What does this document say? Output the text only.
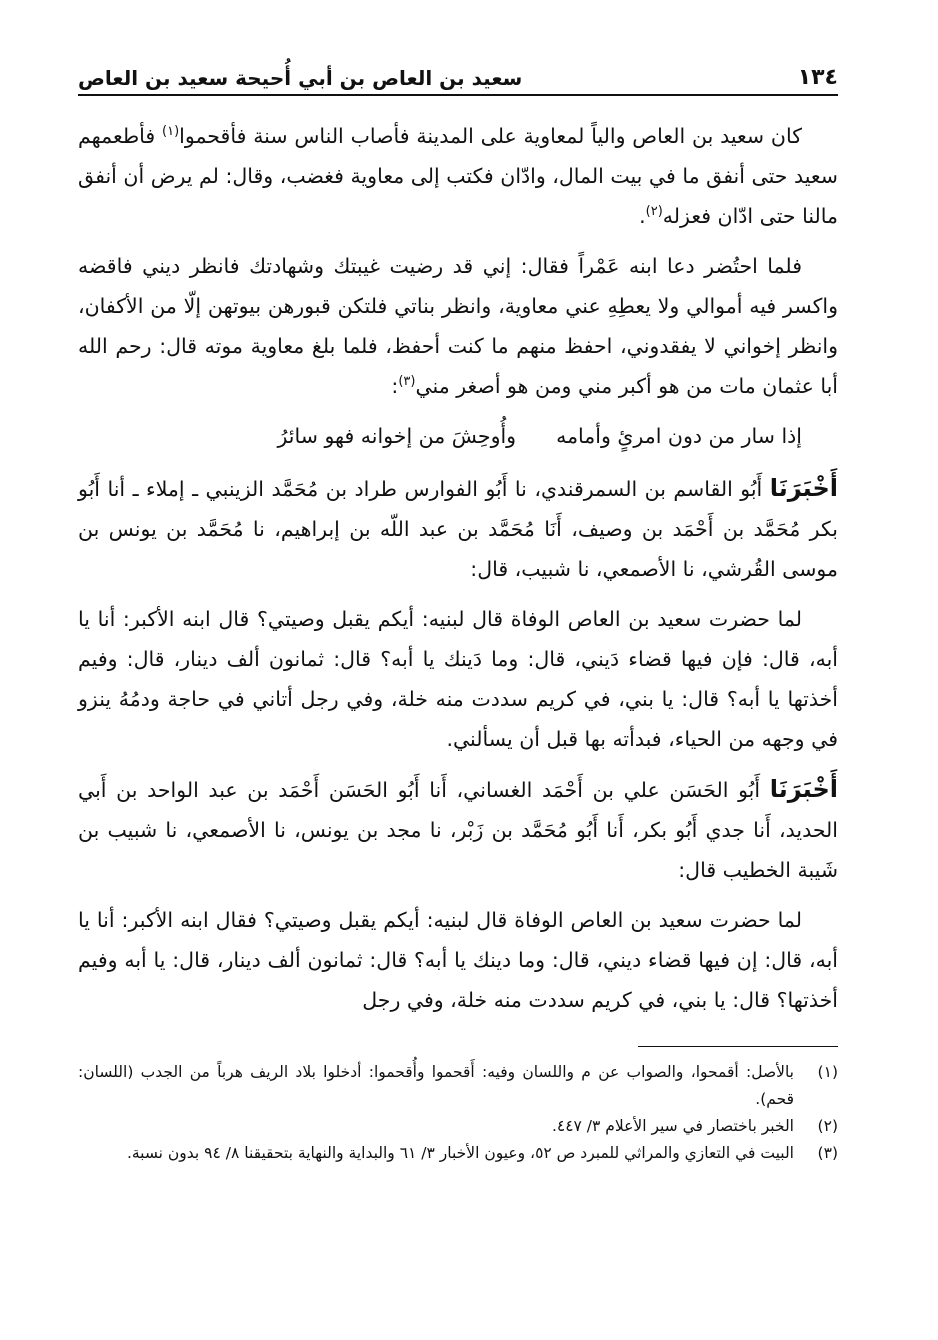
١٣٤
سعيد بن العاص بن أبي أُحيحة سعيد بن العاص

كان سعيد بن العاص والياً لمعاوية على المدينة فأصاب الناس سنة فأقحموا$^{(١)}$ فأطعمهم سعيد حتى أنفق ما في بيت المال، وادّان فكتب إلى معاوية فغضب، وقال: لم يرض أن أنفق مالنا حتى ادّان فعزله$^{(٢)}$.

فلما احتُضر دعا ابنه عَمْراً فقال: إني قد رضيت غيبتك وشهادتك فانظر ديني فاقضه واكسر فيه أموالي ولا يعطِهِ عني معاوية، وانظر بناتي فلتكن قبورهن بيوتهن إلّا من الأكفان، وانظر إخواني لا يفقدوني، احفظ منهم ما كنت أحفظ، فلما بلغ معاوية موته قال: رحم الله أبا عثمان مات من هو أكبر مني ومن هو أصغر مني$^{(٣)}$:

إذا سار من دون امرئٍ وأمامه
وأُوحِشَ من إخوانه فهو سائرُ

أَخْبَرَنَا أَبُو القاسم بن السمرقندي، نا أَبُو الفوارس طراد بن مُحَمَّد الزينبي ـ إملاء ـ أنا أَبُو بكر مُحَمَّد بن أَحْمَد بن وصيف، أَنَا مُحَمَّد بن عبد اللّه بن إبراهيم، نا مُحَمَّد بن يونس بن موسى القُرشي، نا الأصمعي، نا شبيب، قال:

لما حضرت سعيد بن العاص الوفاة قال لبنيه: أيكم يقبل وصيتي؟ قال ابنه الأكبر: أنا يا أبه، قال: فإن فيها قضاء دَيني، قال: وما دَينك يا أبه؟ قال: ثمانون ألف دينار، قال: وفيم أخذتها يا أبه؟ قال: يا بني، في كريم سددت منه خلة، وفي رجل أتاني في حاجة ودمُهُ ينزو في وجهه من الحياء، فبدأته بها قبل أن يسألني.

أَخْبَرَنَا أَبُو الحَسَن علي بن أَحْمَد الغساني، أَنا أَبُو الحَسَن أَحْمَد بن عبد الواحد بن أَبي الحديد، أَنا جدي أَبُو بكر، أَنا أَبُو مُحَمَّد بن زَبْر، نا مجد بن يونس، نا الأصمعي، نا شبيب بن شَيبة الخطيب قال:

لما حضرت سعيد بن العاص الوفاة قال لبنيه: أيكم يقبل وصيتي؟ فقال ابنه الأكبر: أنا يا أبه، قال: إن فيها قضاء ديني، قال: وما دينك يا أبه؟ قال: ثمانون ألف دينار، قال: يا أبه وفيم أخذتها؟ قال: يا بني، في كريم سددت منه خلة، وفي رجل

(١)
بالأصل: أقمحوا، والصواب عن م واللسان وفيه: أَقحموا وأُقحموا: أدخلوا بلاد الريف هرباً من الجدب (اللسان: قحم).
(٢)
الخبر باختصار في سير الأعلام ٣/ ٤٤٧.
(٣)
البيت في التعازي والمراثي للمبرد ص ٥٢، وعيون الأخبار ٣/ ٦١ والبداية والنهاية بتحقيقنا ٨/ ٩٤ بدون نسبة.
